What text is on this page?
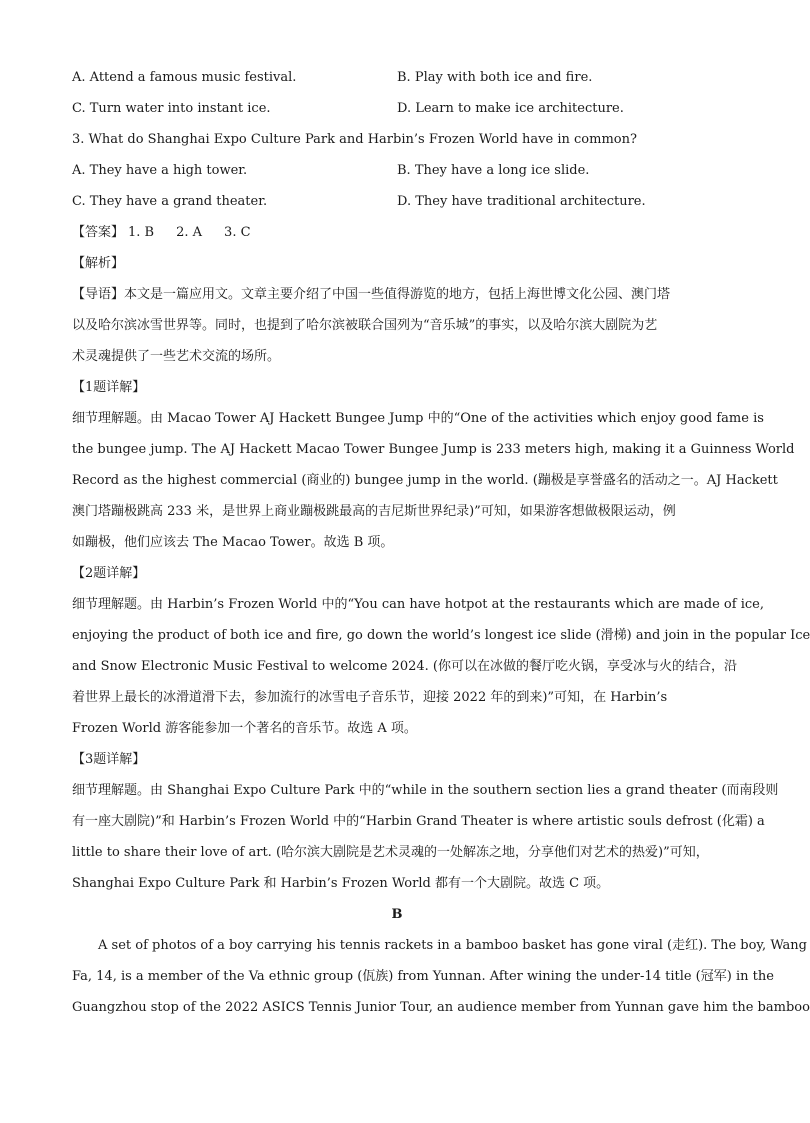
A. Attend a famous music festival.	B. Play with both ice and fire.
C. Turn water into instant ice.	D. Learn to make ice architecture.
3. What do Shanghai Expo Culture Park and Harbin’s Frozen World have in common?
A. They have a high tower.	B. They have a long ice slide.
C. They have a grand theater.	D. They have traditional architecture.
【答案】 1. B 2. A 3. C
【解析】
【导语】本文是一篇应用文。文章主要介绍了中国一些值得游览的地方，包括上海世博文化公园、澳门塔
以及哈尔滨冰雪世界等。同时，也提到了哈尔滨被联合国列为“音乐城”的事实，以及哈尔滨大剧院为艺
术灵魂提供了一些艺术交流的场所。
【1题详解】
细节理解题。由 Macao Tower AJ Hackett Bungee Jump 中的“One of the activities which enjoy good fame is
the bungee jump. The AJ Hackett Macao Tower Bungee Jump is 233 meters high, making it a Guinness World
Record as the highest commercial (商业的) bungee jump in the world. (蹦极是享誉盛名的活动之一。AJ Hackett
澳门塔蹦极跳高 233 米，是世界上商业蹦极跳最高的吉尼斯世界纪录)”可知，如果游客想做极限运动，例
如蹦极，他们应该去 The Macao Tower。故选 B 项。
【2题详解】
细节理解题。由 Harbin’s Frozen World 中的“You can have hotpot at the restaurants which are made of ice,
enjoying the product of both ice and fire, go down the world’s longest ice slide (滑梯) and join in the popular Ice
and Snow Electronic Music Festival to welcome 2024. (你可以在冰做的餐厅吃火锅，享受冰与火的结合，沿
着世界上最长的冰滑道滑下去，参加流行的冰雪电子音乐节，迎接 2022 年的到来)”可知，在 Harbin’s
Frozen World 游客能参加一个著名的音乐节。故选 A 项。
【3题详解】
细节理解题。由 Shanghai Expo Culture Park 中的“while in the southern section lies a grand theater (而南段则
有一座大剧院)”和 Harbin’s Frozen World 中的“Harbin Grand Theater is where artistic souls defrost (化霜) a
little to share their love of art. (哈尔滨大剧院是艺术灵魂的一处解冻之地，分享他们对艺术的热爱)”可知，
Shanghai Expo Culture Park 和 Harbin’s Frozen World 都有一个大剧院。故选 C 项。
B
A set of photos of a boy carrying his tennis rackets in a bamboo basket has gone viral (走红). The boy, Wang
Fa, 14, is a member of the Va ethnic group (佤族) from Yunnan. After wining the under-14 title (冠军) in the
Guangzhou stop of the 2022 ASICS Tennis Junior Tour, an audience member from Yunnan gave him the bamboo
